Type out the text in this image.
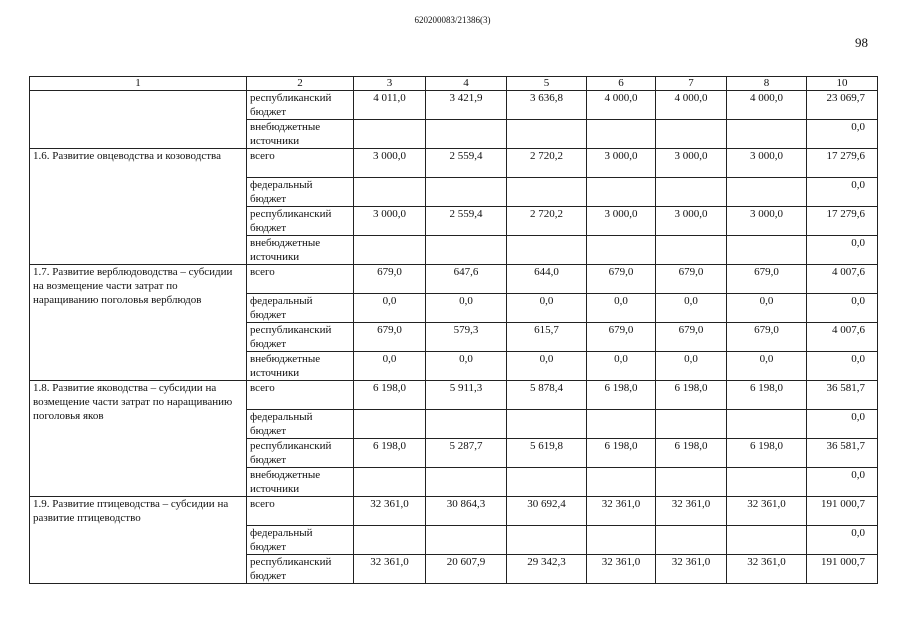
62020008З/21386(3)
98
1	2	3	4	5	6	7	8	10
	республиканский бюджет	4 011,0	3 421,9	3 636,8	4 000,0	4 000,0	4 000,0	23 069,7
	внебюджетные источники							0,0
1.6. Развитие овцеводства и козоводства	всего	3 000,0	2 559,4	2 720,2	3 000,0	3 000,0	3 000,0	17 279,6
	федеральный бюджет							0,0
	республиканский бюджет	3 000,0	2 559,4	2 720,2	3 000,0	3 000,0	3 000,0	17 279,6
	внебюджетные источники							0,0
1.7. Развитие верблюдоводства – субсидии на возмещение части затрат по наращиванию поголовья верблюдов	всего	679,0	647,6	644,0	679,0	679,0	679,0	4 007,6
	федеральный бюджет	0,0	0,0	0,0	0,0	0,0	0,0	0,0
	республиканский бюджет	679,0	579,3	615,7	679,0	679,0	679,0	4 007,6
	внебюджетные источники	0,0	0,0	0,0	0,0	0,0	0,0	0,0
1.8. Развитие яководства – субсидии на возмещение части затрат по наращиванию поголовья яков	всего	6 198,0	5 911,3	5 878,4	6 198,0	6 198,0	6 198,0	36 581,7
	федеральный бюджет							0,0
	республиканский бюджет	6 198,0	5 287,7	5 619,8	6 198,0	6 198,0	6 198,0	36 581,7
	внебюджетные источники							0,0
1.9. Развитие птицеводства – субсидии на развитие птицеводство	всего	32 361,0	30 864,3	30 692,4	32 361,0	32 361,0	32 361,0	191 000,7
	федеральный бюджет							0,0
	республиканский бюджет	32 361,0	20 607,9	29 342,3	32 361,0	32 361,0	32 361,0	191 000,7
